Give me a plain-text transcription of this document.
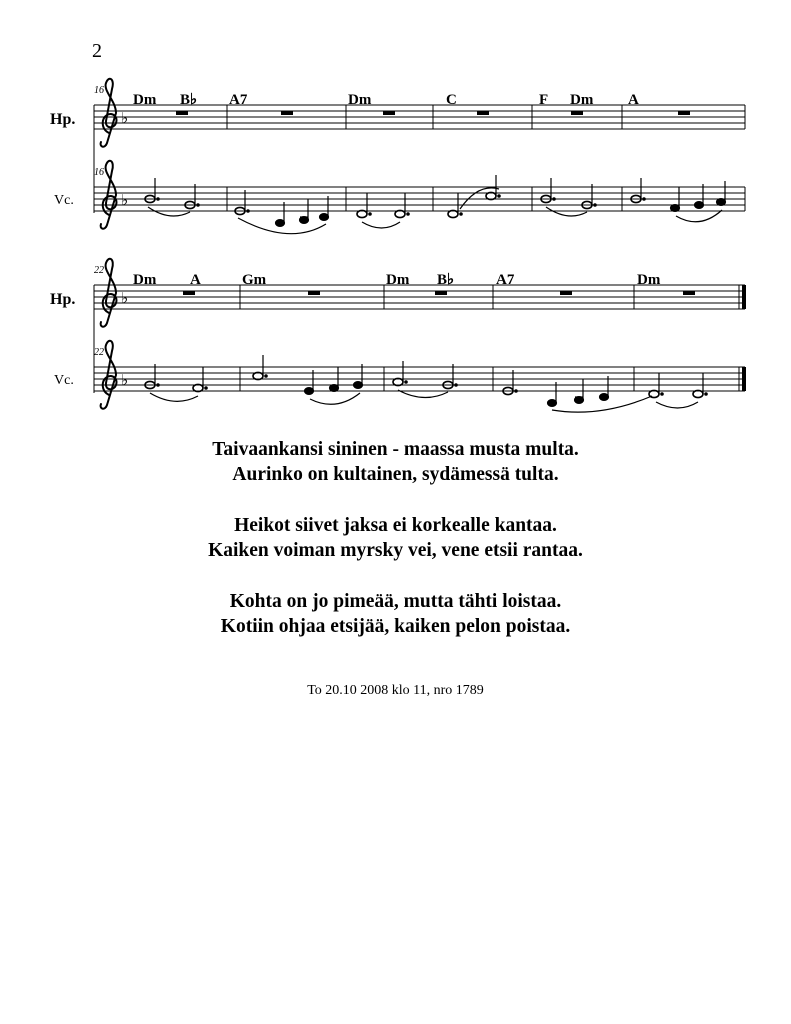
2
16
Hp.
Vc.
Dm B♭ A7	Dm	C	F Dm A
♭
16
♭
22
Hp.
Vc.
Dm A	Gm	Dm B♭	A7	Dm
♭
22
♭
Taivaankansi sininen - maassa musta multa.
Aurinko on kultainen, sydämessä tulta.
Heikot siivet jaksa ei korkealle kantaa.
Kaiken voiman myrsky vei, vene etsii rantaa.
Kohta on jo pimeää, mutta tähti loistaa.
Kotiin ohjaa etsijää, kaiken pelon poistaa.
To 20.10 2008 klo 11, nro 1789
